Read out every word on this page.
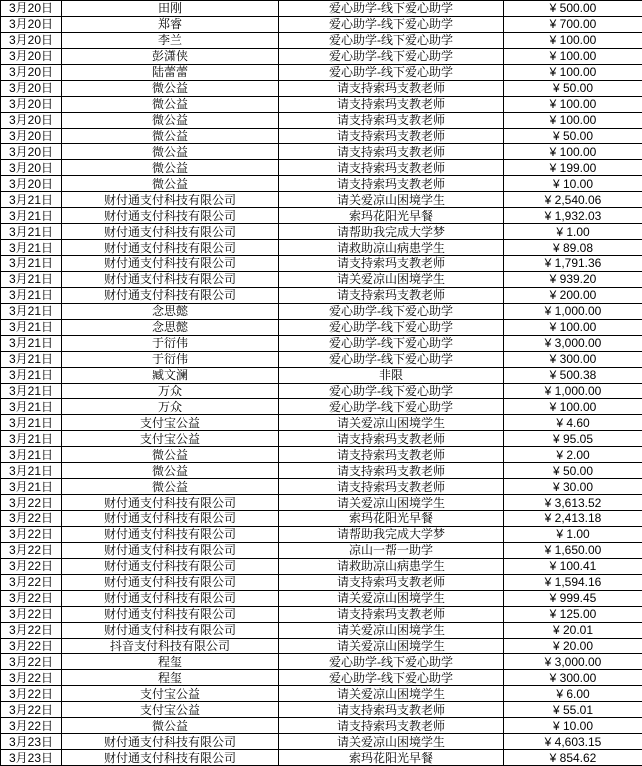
3月20日	田刚	爱心助学-线下爱心助学	¥ 500.00
3月20日	郑睿	爱心助学-线下爱心助学	¥ 700.00
3月20日	李兰	爱心助学-线下爱心助学	¥ 100.00
3月20日	彭潇侠	爱心助学-线下爱心助学	¥ 100.00
3月20日	陆蕾蕾	爱心助学-线下爱心助学	¥ 100.00
3月20日	微公益	请支持索玛支教老师	¥ 50.00
3月20日	微公益	请支持索玛支教老师	¥ 100.00
3月20日	微公益	请支持索玛支教老师	¥ 100.00
3月20日	微公益	请支持索玛支教老师	¥ 50.00
3月20日	微公益	请支持索玛支教老师	¥ 100.00
3月20日	微公益	请支持索玛支教老师	¥ 199.00
3月20日	微公益	请支持索玛支教老师	¥ 10.00
3月21日	财付通支付科技有限公司	请关爱凉山困境学生	¥ 2,540.06
3月21日	财付通支付科技有限公司	索玛花阳光早餐	¥ 1,932.03
3月21日	财付通支付科技有限公司	请帮助我完成大学梦	¥ 1.00
3月21日	财付通支付科技有限公司	请救助凉山病患学生	¥ 89.08
3月21日	财付通支付科技有限公司	请支持索玛支教老师	¥ 1,791.36
3月21日	财付通支付科技有限公司	请关爱凉山困境学生	¥ 939.20
3月21日	财付通支付科技有限公司	请支持索玛支教老师	¥ 200.00
3月21日	念思懿	爱心助学-线下爱心助学	¥ 1,000.00
3月21日	念思懿	爱心助学-线下爱心助学	¥ 100.00
3月21日	于衍伟	爱心助学-线下爱心助学	¥ 3,000.00
3月21日	于衍伟	爱心助学-线下爱心助学	¥ 300.00
3月21日	臧文澜	非限	¥ 500.38
3月21日	万众	爱心助学-线下爱心助学	¥ 1,000.00
3月21日	万众	爱心助学-线下爱心助学	¥ 100.00
3月21日	支付宝公益	请关爱凉山困境学生	¥ 4.60
3月21日	支付宝公益	请支持索玛支教老师	¥ 95.05
3月21日	微公益	请支持索玛支教老师	¥ 2.00
3月21日	微公益	请支持索玛支教老师	¥ 50.00
3月21日	微公益	请支持索玛支教老师	¥ 30.00
3月22日	财付通支付科技有限公司	请关爱凉山困境学生	¥ 3,613.52
3月22日	财付通支付科技有限公司	索玛花阳光早餐	¥ 2,413.18
3月22日	财付通支付科技有限公司	请帮助我完成大学梦	¥ 1.00
3月22日	财付通支付科技有限公司	凉山一帮一助学	¥ 1,650.00
3月22日	财付通支付科技有限公司	请救助凉山病患学生	¥ 100.41
3月22日	财付通支付科技有限公司	请支持索玛支教老师	¥ 1,594.16
3月22日	财付通支付科技有限公司	请关爱凉山困境学生	¥ 999.45
3月22日	财付通支付科技有限公司	请支持索玛支教老师	¥ 125.00
3月22日	财付通支付科技有限公司	请关爱凉山困境学生	¥ 20.01
3月22日	抖音支付科技有限公司	请关爱凉山困境学生	¥ 20.00
3月22日	程玺	爱心助学-线下爱心助学	¥ 3,000.00
3月22日	程玺	爱心助学-线下爱心助学	¥ 300.00
3月22日	支付宝公益	请关爱凉山困境学生	¥ 6.00
3月22日	支付宝公益	请支持索玛支教老师	¥ 55.01
3月22日	微公益	请支持索玛支教老师	¥ 10.00
3月23日	财付通支付科技有限公司	请关爱凉山困境学生	¥ 4,603.15
3月23日	财付通支付科技有限公司	索玛花阳光早餐	¥ 854.62
